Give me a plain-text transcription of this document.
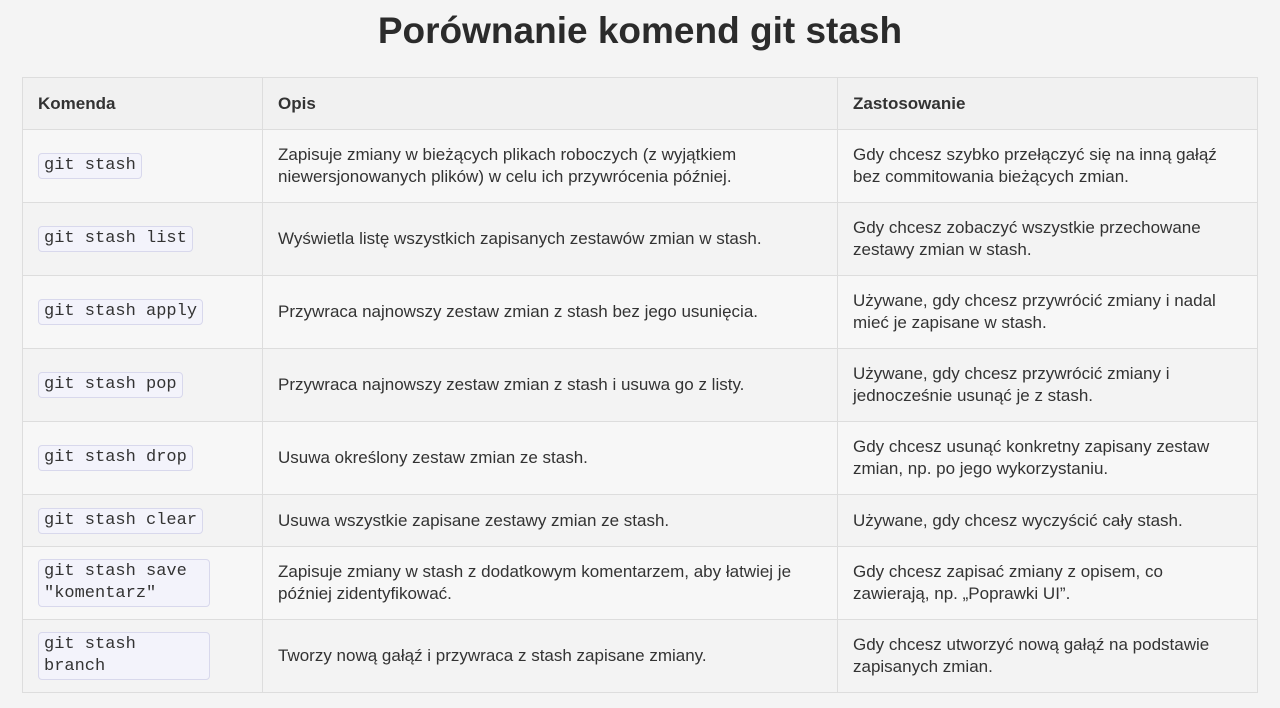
Porównanie komend git stash
Komenda	Opis	Zastosowanie
git stash	Zapisuje zmiany w bieżących plikach roboczych (z wyjątkiem niewersjonowanych plików) w celu ich przywrócenia później.	Gdy chcesz szybko przełączyć się na inną gałąź bez commitowania bieżących zmian.
git stash list	Wyświetla listę wszystkich zapisanych zestawów zmian w stash.	Gdy chcesz zobaczyć wszystkie przechowane zestawy zmian w stash.
git stash apply	Przywraca najnowszy zestaw zmian z stash bez jego usunięcia.	Używane, gdy chcesz przywrócić zmiany i nadal mieć je zapisane w stash.
git stash pop	Przywraca najnowszy zestaw zmian z stash i usuwa go z listy.	Używane, gdy chcesz przywrócić zmiany i jednocześnie usunąć je z stash.
git stash drop	Usuwa określony zestaw zmian ze stash.	Gdy chcesz usunąć konkretny zapisany zestaw zmian, np. po jego wykorzystaniu.
git stash clear	Usuwa wszystkie zapisane zestawy zmian ze stash.	Używane, gdy chcesz wyczyścić cały stash.
git stash save "komentarz"	Zapisuje zmiany w stash z dodatkowym komentarzem, aby łatwiej je później zidentyfikować.	Gdy chcesz zapisać zmiany z opisem, co zawierają, np. „Poprawki UI”.
git stash branch	Tworzy nową gałąź i przywraca z stash zapisane zmiany.	Gdy chcesz utworzyć nową gałąź na podstawie zapisanych zmian.
